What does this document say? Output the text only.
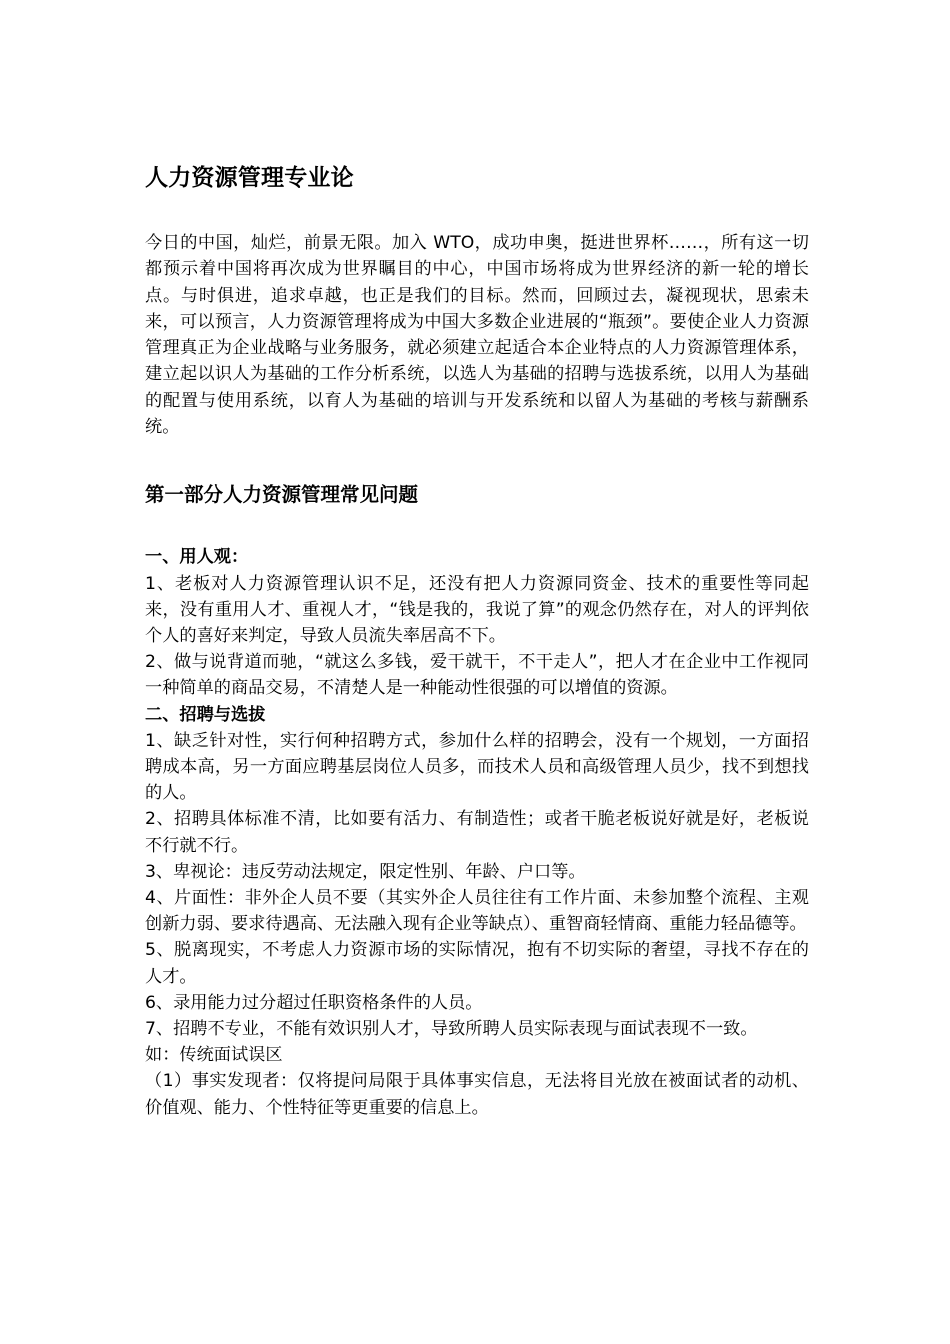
人力资源管理专业论

今日的中国，灿烂，前景无限。加入 WTO，成功申奥，挺进世界杯……，所有这一切都预示着中国将再次成为世界瞩目的中心，中国市场将成为世界经济的新一轮的增长点。与时俱进，追求卓越，也正是我们的目标。然而，回顾过去，凝视现状，思索未来，可以预言，人力资源管理将成为中国大多数企业进展的“瓶颈”。要使企业人力资源管理真正为企业战略与业务服务，就必须建立起适合本企业特点的人力资源管理体系，建立起以识人为基础的工作分析系统，以选人为基础的招聘与选拔系统，以用人为基础的配置与使用系统，以育人为基础的培训与开发系统和以留人为基础的考核与薪酬系统。

第一部分人力资源管理常见问题

一、用人观：

1、老板对人力资源管理认识不足，还没有把人力资源同资金、技术的重要性等同起来，没有重用人才、重视人才，“钱是我的，我说了算”的观念仍然存在，对人的评判依个人的喜好来判定，导致人员流失率居高不下。

2、做与说背道而驰，“就这么多钱，爱干就干，不干走人”，把人才在企业中工作视同一种简单的商品交易，不清楚人是一种能动性很强的可以增值的资源。

二、招聘与选拔

1、缺乏针对性，实行何种招聘方式，参加什么样的招聘会，没有一个规划，一方面招聘成本高，另一方面应聘基层岗位人员多，而技术人员和高级管理人员少，找不到想找的人。

2、招聘具体标准不清，比如要有活力、有制造性；或者干脆老板说好就是好，老板说不行就不行。

3、卑视论：违反劳动法规定，限定性别、年龄、户口等。

4、片面性：非外企人员不要（其实外企人员往往有工作片面、未参加整个流程、主观创新力弱、要求待遇高、无法融入现有企业等缺点）、重智商轻情商、重能力轻品德等。

5、脱离现实，不考虑人力资源市场的实际情况，抱有不切实际的奢望，寻找不存在的人才。

6、录用能力过分超过任职资格条件的人员。

7、招聘不专业，不能有效识别人才，导致所聘人员实际表现与面试表现不一致。

如：传统面试误区

（1）事实发现者：仅将提问局限于具体事实信息，无法将目光放在被面试者的动机、价值观、能力、个性特征等更重要的信息上。
